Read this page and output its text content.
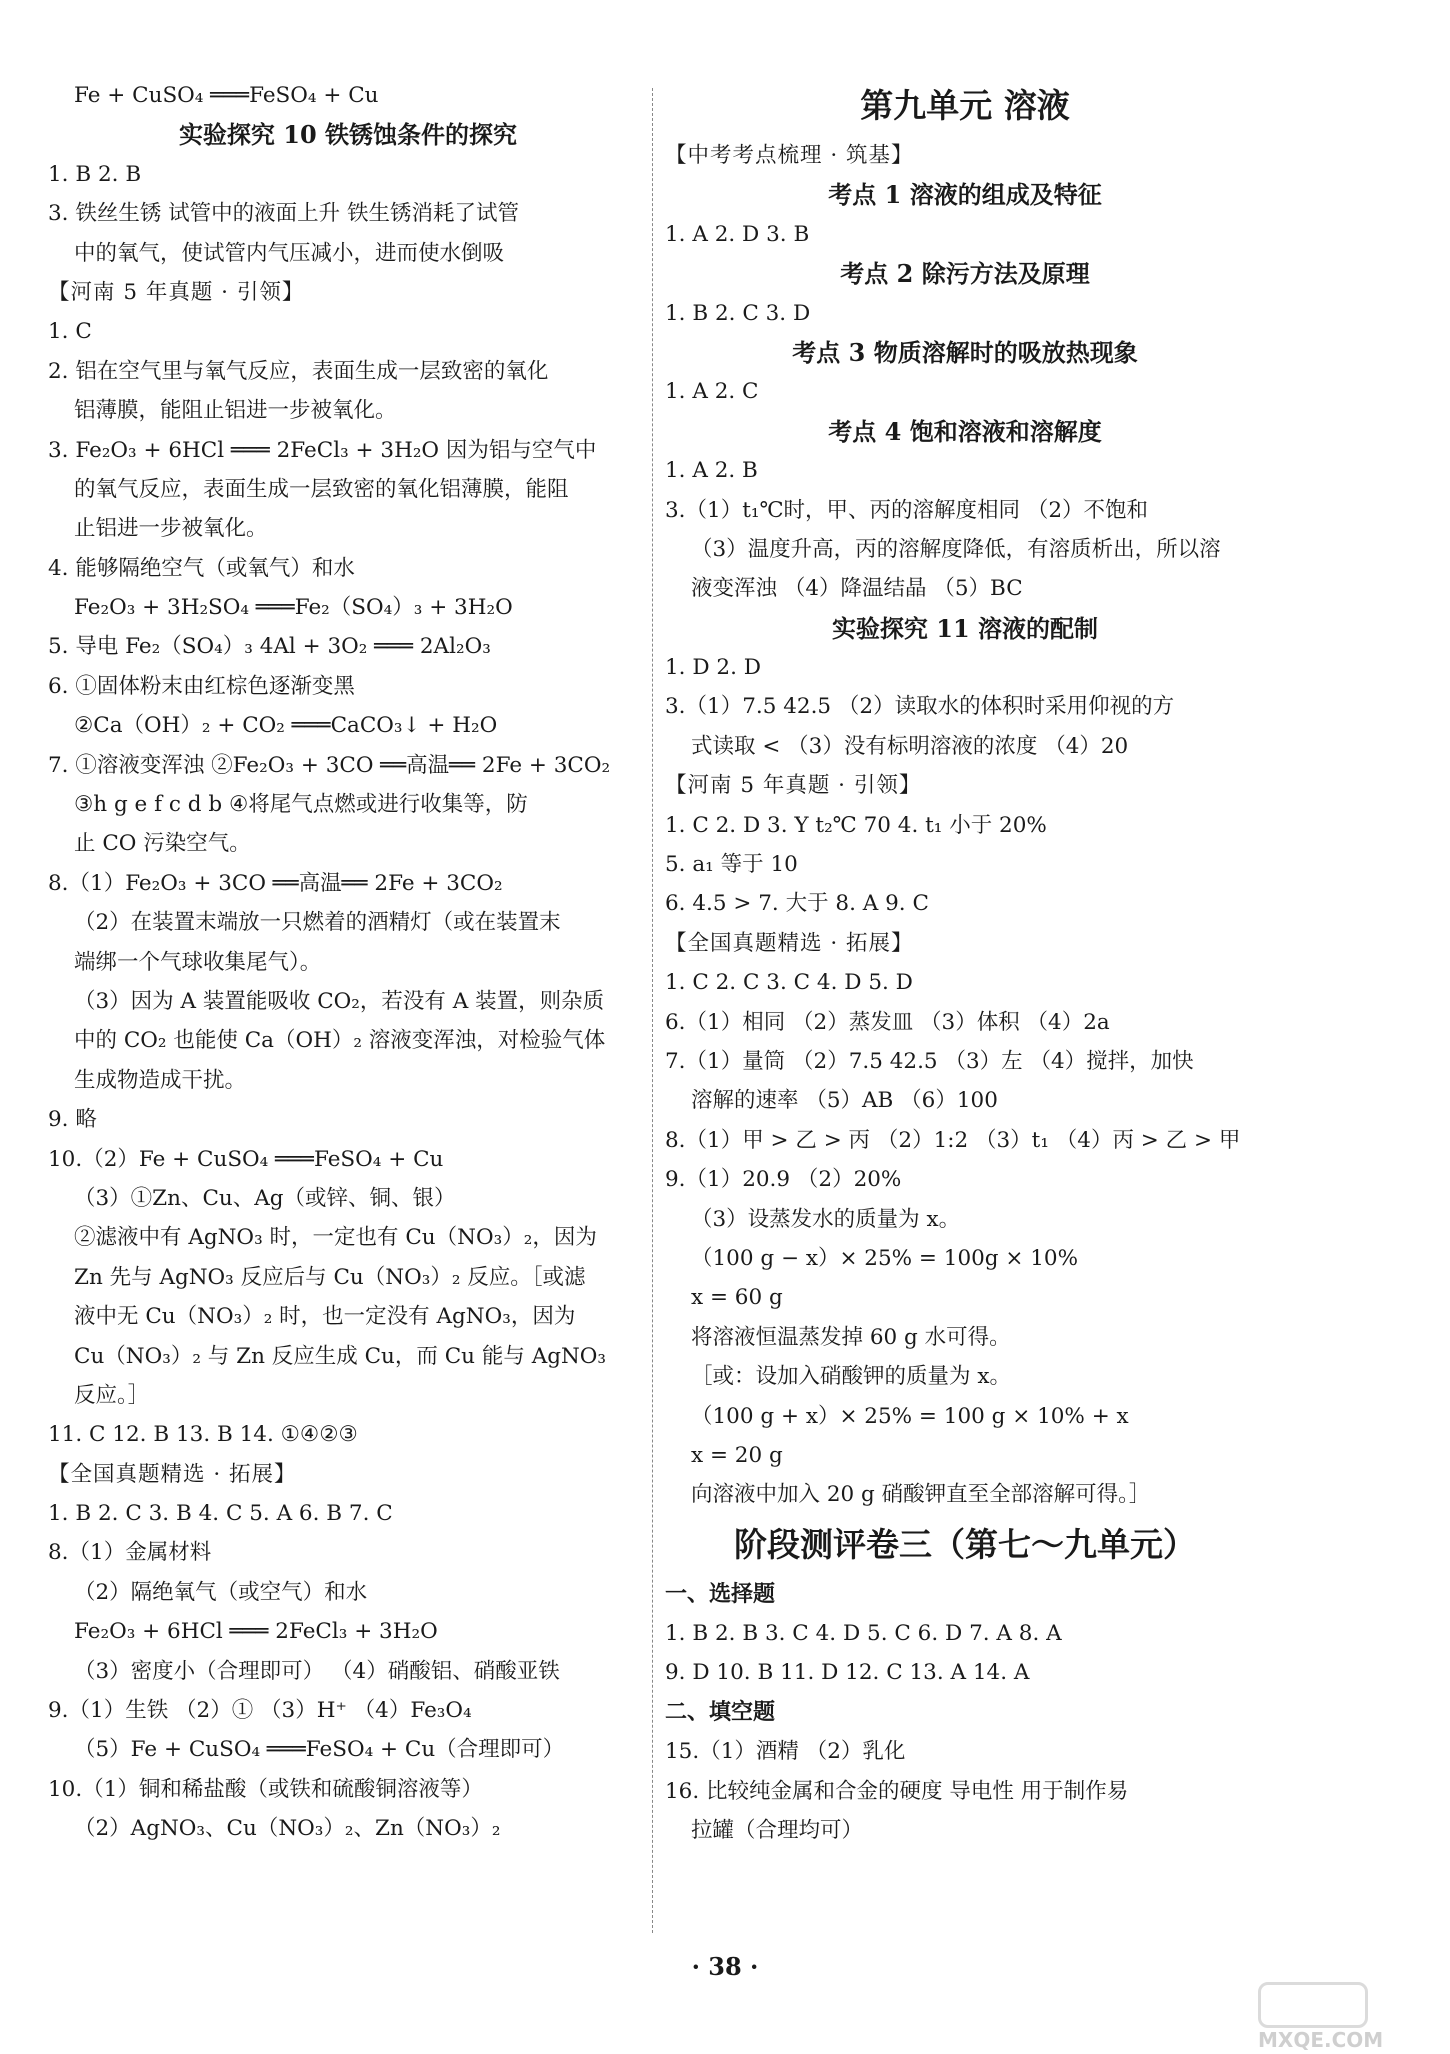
Fe + CuSO₄ ═══FeSO₄ + Cu
实验探究 10 铁锈蚀条件的探究
1. B 2. B
3. 铁丝生锈 试管中的液面上升 铁生锈消耗了试管
中的氧气，使试管内气压减小，进而使水倒吸
【河南 5 年真题 · 引领】
1. C
2. 铝在空气里与氧气反应，表面生成一层致密的氧化
铝薄膜，能阻止铝进一步被氧化。
3. Fe₂O₃ + 6HCl ═══ 2FeCl₃ + 3H₂O 因为铝与空气中
的氧气反应，表面生成一层致密的氧化铝薄膜，能阻
止铝进一步被氧化。
4. 能够隔绝空气（或氧气）和水
Fe₂O₃ + 3H₂SO₄ ═══Fe₂（SO₄）₃ + 3H₂O
5. 导电 Fe₂（SO₄）₃ 4Al + 3O₂ ═══ 2Al₂O₃
6. ①固体粉末由红棕色逐渐变黑
②Ca（OH）₂ + CO₂ ═══CaCO₃↓ + H₂O
7. ①溶液变浑浊 ②Fe₂O₃ + 3CO ══高温══ 2Fe + 3CO₂
③h g e f c d b ④将尾气点燃或进行收集等，防
止 CO 污染空气。
8.（1）Fe₂O₃ + 3CO ══高温══ 2Fe + 3CO₂
（2）在装置末端放一只燃着的酒精灯（或在装置末
端绑一个气球收集尾气）。
（3）因为 A 装置能吸收 CO₂，若没有 A 装置，则杂质
中的 CO₂ 也能使 Ca（OH）₂ 溶液变浑浊，对检验气体
生成物造成干扰。
9. 略
10.（2）Fe + CuSO₄ ═══FeSO₄ + Cu
（3）①Zn、Cu、Ag（或锌、铜、银）
②滤液中有 AgNO₃ 时，一定也有 Cu（NO₃）₂，因为
Zn 先与 AgNO₃ 反应后与 Cu（NO₃）₂ 反应。［或滤
液中无 Cu（NO₃）₂ 时，也一定没有 AgNO₃，因为
Cu（NO₃）₂ 与 Zn 反应生成 Cu，而 Cu 能与 AgNO₃
反应。］
11. C 12. B 13. B 14. ①④②③
【全国真题精选 · 拓展】
1. B 2. C 3. B 4. C 5. A 6. B 7. C
8.（1）金属材料
（2）隔绝氧气（或空气）和水
Fe₂O₃ + 6HCl ═══ 2FeCl₃ + 3H₂O
（3）密度小（合理即可） （4）硝酸铝、硝酸亚铁
9.（1）生铁 （2）① （3）H⁺ （4）Fe₃O₄
（5）Fe + CuSO₄ ═══FeSO₄ + Cu（合理即可）
10.（1）铜和稀盐酸（或铁和硫酸铜溶液等）
（2）AgNO₃、Cu（NO₃）₂、Zn（NO₃）₂
第九单元 溶液
【中考考点梳理 · 筑基】
考点 1 溶液的组成及特征
1. A 2. D 3. B
考点 2 除污方法及原理
1. B 2. C 3. D
考点 3 物质溶解时的吸放热现象
1. A 2. C
考点 4 饱和溶液和溶解度
1. A 2. B
3.（1）t₁℃时，甲、丙的溶解度相同 （2）不饱和
（3）温度升高，丙的溶解度降低，有溶质析出，所以溶
液变浑浊 （4）降温结晶 （5）BC
实验探究 11 溶液的配制
1. D 2. D
3.（1）7.5 42.5 （2）读取水的体积时采用仰视的方
式读取 < （3）没有标明溶液的浓度 （4）20
【河南 5 年真题 · 引领】
1. C 2. D 3. Y t₂℃ 70 4. t₁ 小于 20%
5. a₁ 等于 10
6. 4.5 > 7. 大于 8. A 9. C
【全国真题精选 · 拓展】
1. C 2. C 3. C 4. D 5. D
6.（1）相同 （2）蒸发皿 （3）体积 （4）2a
7.（1）量筒 （2）7.5 42.5 （3）左 （4）搅拌，加快
溶解的速率 （5）AB （6）100
8.（1）甲 > 乙 > 丙 （2）1:2 （3）t₁ （4）丙 > 乙 > 甲
9.（1）20.9 （2）20%
（3）设蒸发水的质量为 x。
（100 g − x）× 25% = 100g × 10%
x = 60 g
将溶液恒温蒸发掉 60 g 水可得。
［或：设加入硝酸钾的质量为 x。
（100 g + x）× 25% = 100 g × 10% + x
x = 20 g
向溶液中加入 20 g 硝酸钾直至全部溶解可得。］
阶段测评卷三（第七～九单元）
一、选择题
1. B 2. B 3. C 4. D 5. C 6. D 7. A 8. A
9. D 10. B 11. D 12. C 13. A 14. A
二、填空题
15.（1）酒精 （2）乳化
16. 比较纯金属和合金的硬度 导电性 用于制作易
拉罐（合理均可）
· 38 ·
MXQE.COM
